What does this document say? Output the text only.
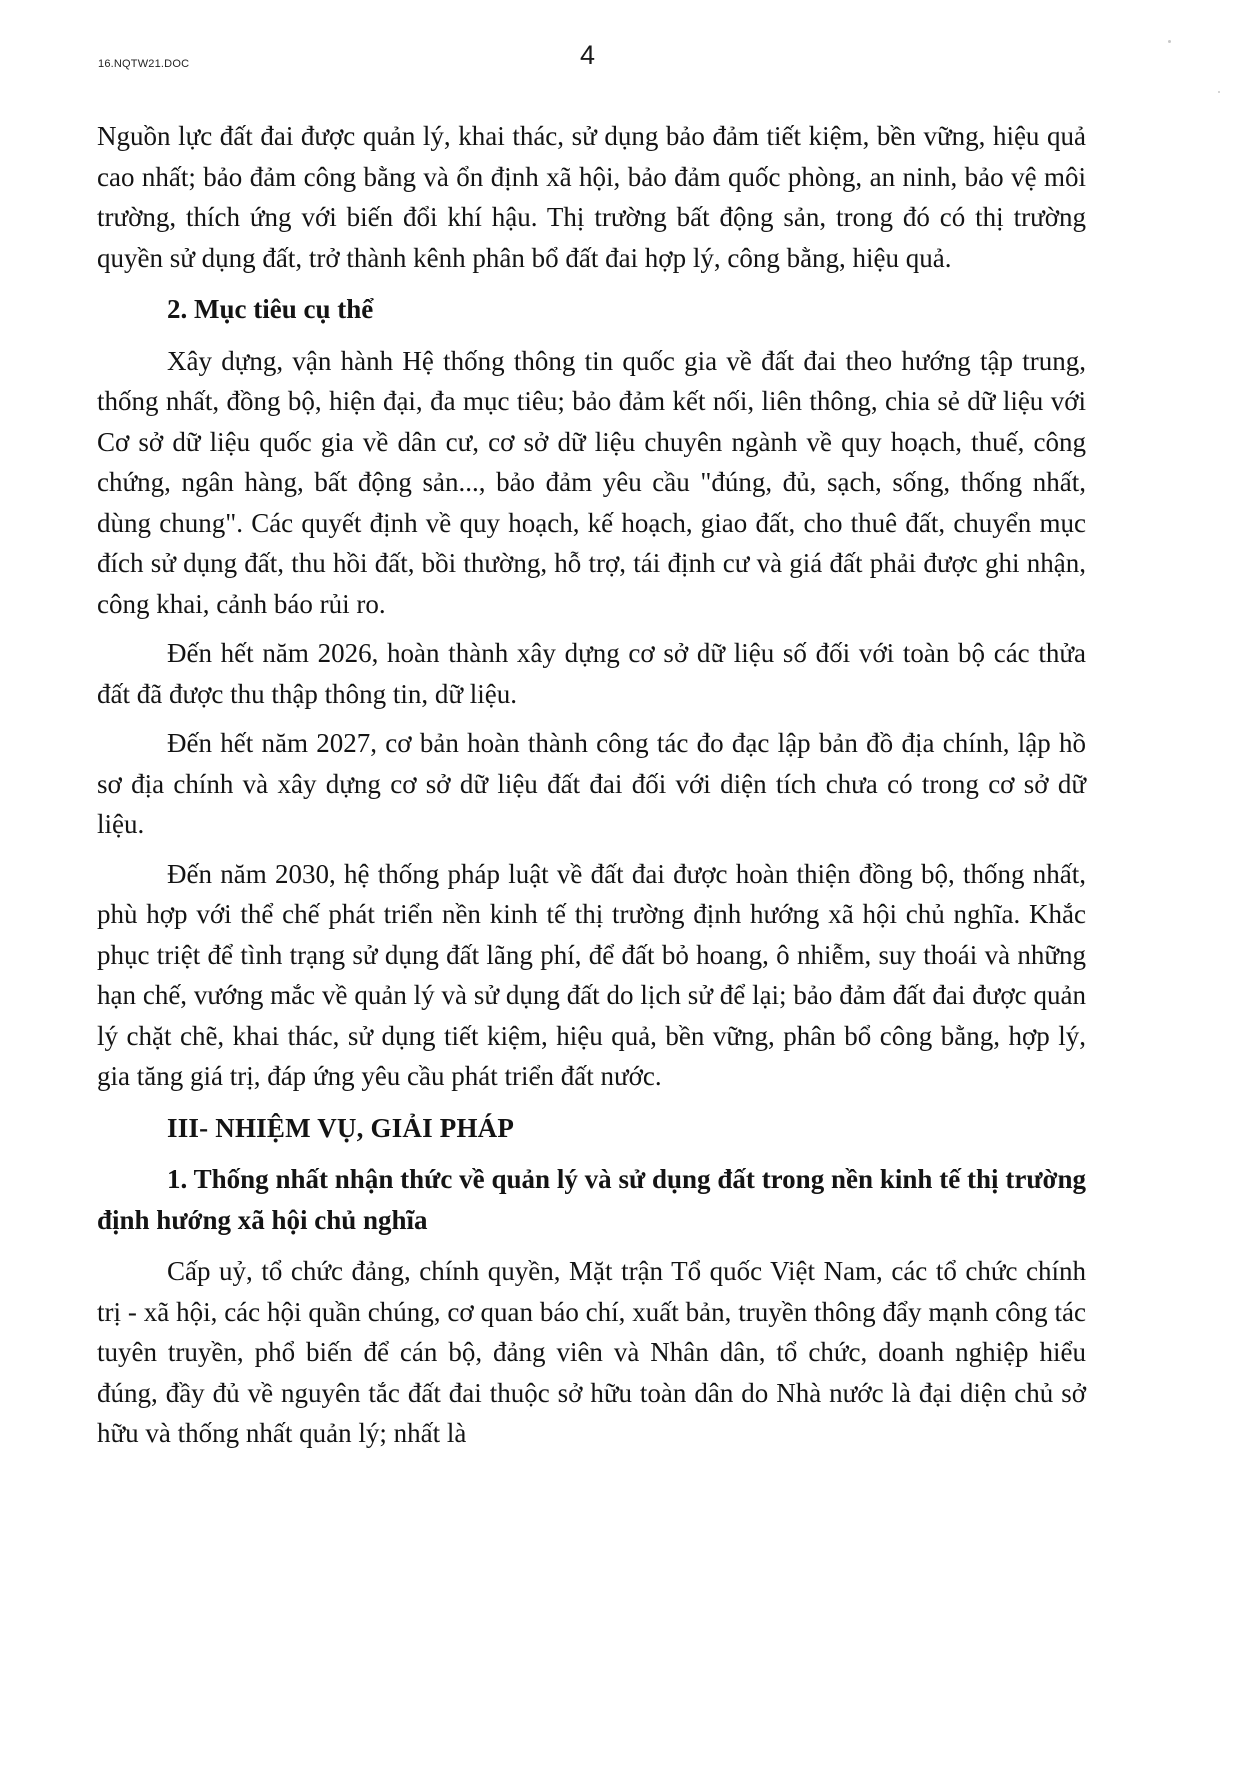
16.NQTW21.DOC	4

Nguồn lực đất đai được quản lý, khai thác, sử dụng bảo đảm tiết kiệm, bền vững, hiệu quả cao nhất; bảo đảm công bằng và ổn định xã hội, bảo đảm quốc phòng, an ninh, bảo vệ môi trường, thích ứng với biến đổi khí hậu. Thị trường bất động sản, trong đó có thị trường quyền sử dụng đất, trở thành kênh phân bổ đất đai hợp lý, công bằng, hiệu quả.

2. Mục tiêu cụ thể

Xây dựng, vận hành Hệ thống thông tin quốc gia về đất đai theo hướng tập trung, thống nhất, đồng bộ, hiện đại, đa mục tiêu; bảo đảm kết nối, liên thông, chia sẻ dữ liệu với Cơ sở dữ liệu quốc gia về dân cư, cơ sở dữ liệu chuyên ngành về quy hoạch, thuế, công chứng, ngân hàng, bất động sản..., bảo đảm yêu cầu "đúng, đủ, sạch, sống, thống nhất, dùng chung". Các quyết định về quy hoạch, kế hoạch, giao đất, cho thuê đất, chuyển mục đích sử dụng đất, thu hồi đất, bồi thường, hỗ trợ, tái định cư và giá đất phải được ghi nhận, công khai, cảnh báo rủi ro.

Đến hết năm 2026, hoàn thành xây dựng cơ sở dữ liệu số đối với toàn bộ các thửa đất đã được thu thập thông tin, dữ liệu.

Đến hết năm 2027, cơ bản hoàn thành công tác đo đạc lập bản đồ địa chính, lập hồ sơ địa chính và xây dựng cơ sở dữ liệu đất đai đối với diện tích chưa có trong cơ sở dữ liệu.

Đến năm 2030, hệ thống pháp luật về đất đai được hoàn thiện đồng bộ, thống nhất, phù hợp với thể chế phát triển nền kinh tế thị trường định hướng xã hội chủ nghĩa. Khắc phục triệt để tình trạng sử dụng đất lãng phí, để đất bỏ hoang, ô nhiễm, suy thoái và những hạn chế, vướng mắc về quản lý và sử dụng đất do lịch sử để lại; bảo đảm đất đai được quản lý chặt chẽ, khai thác, sử dụng tiết kiệm, hiệu quả, bền vững, phân bổ công bằng, hợp lý, gia tăng giá trị, đáp ứng yêu cầu phát triển đất nước.

III- NHIỆM VỤ, GIẢI PHÁP

1. Thống nhất nhận thức về quản lý và sử dụng đất trong nền kinh tế thị trường định hướng xã hội chủ nghĩa

Cấp uỷ, tổ chức đảng, chính quyền, Mặt trận Tổ quốc Việt Nam, các tổ chức chính trị - xã hội, các hội quần chúng, cơ quan báo chí, xuất bản, truyền thông đẩy mạnh công tác tuyên truyền, phổ biến để cán bộ, đảng viên và Nhân dân, tổ chức, doanh nghiệp hiểu đúng, đầy đủ về nguyên tắc đất đai thuộc sở hữu toàn dân do Nhà nước là đại diện chủ sở hữu và thống nhất quản lý; nhất là
